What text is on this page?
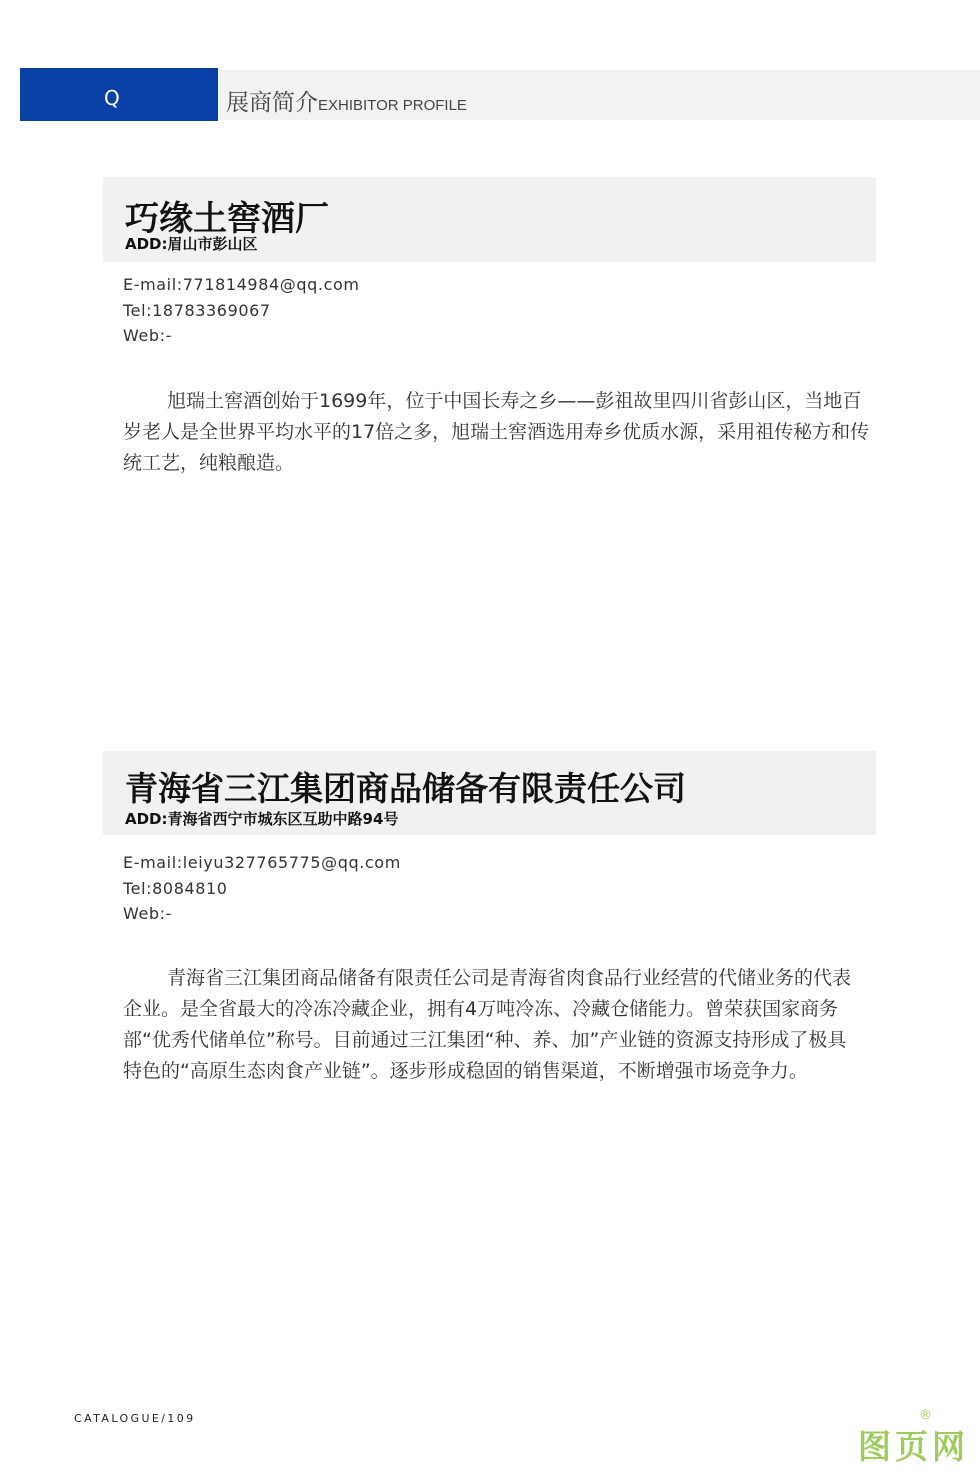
Q	展商简介EXHIBITOR PROFILE
巧缘土窖酒厂
ADD:眉山市彭山区
E-mail:771814984@qq.com
Tel:18783369067
Web:-
旭瑞土窖酒创始于1699年，位于中国长寿之乡——彭祖故里四川省彭山区，当地百岁老人是全世界平均水平的17倍之多，旭瑞土窖酒选用寿乡优质水源，采用祖传秘方和传统工艺，纯粮酿造。
青海省三江集团商品储备有限责任公司
ADD:青海省西宁市城东区互助中路94号
E-mail:leiyu327765775@qq.com
Tel:8084810
Web:-
青海省三江集团商品储备有限责任公司是青海省肉食品行业经营的代储业务的代表企业。是全省最大的冷冻冷藏企业，拥有4万吨冷冻、冷藏仓储能力。曾荣获国家商务部“优秀代储单位”称号。目前通过三江集团“种、养、加”产业链的资源支持形成了极具特色的“高原生态肉食产业链”。逐步形成稳固的销售渠道，不断增强市场竞争力。
CATALOGUE/109
图页网
®
